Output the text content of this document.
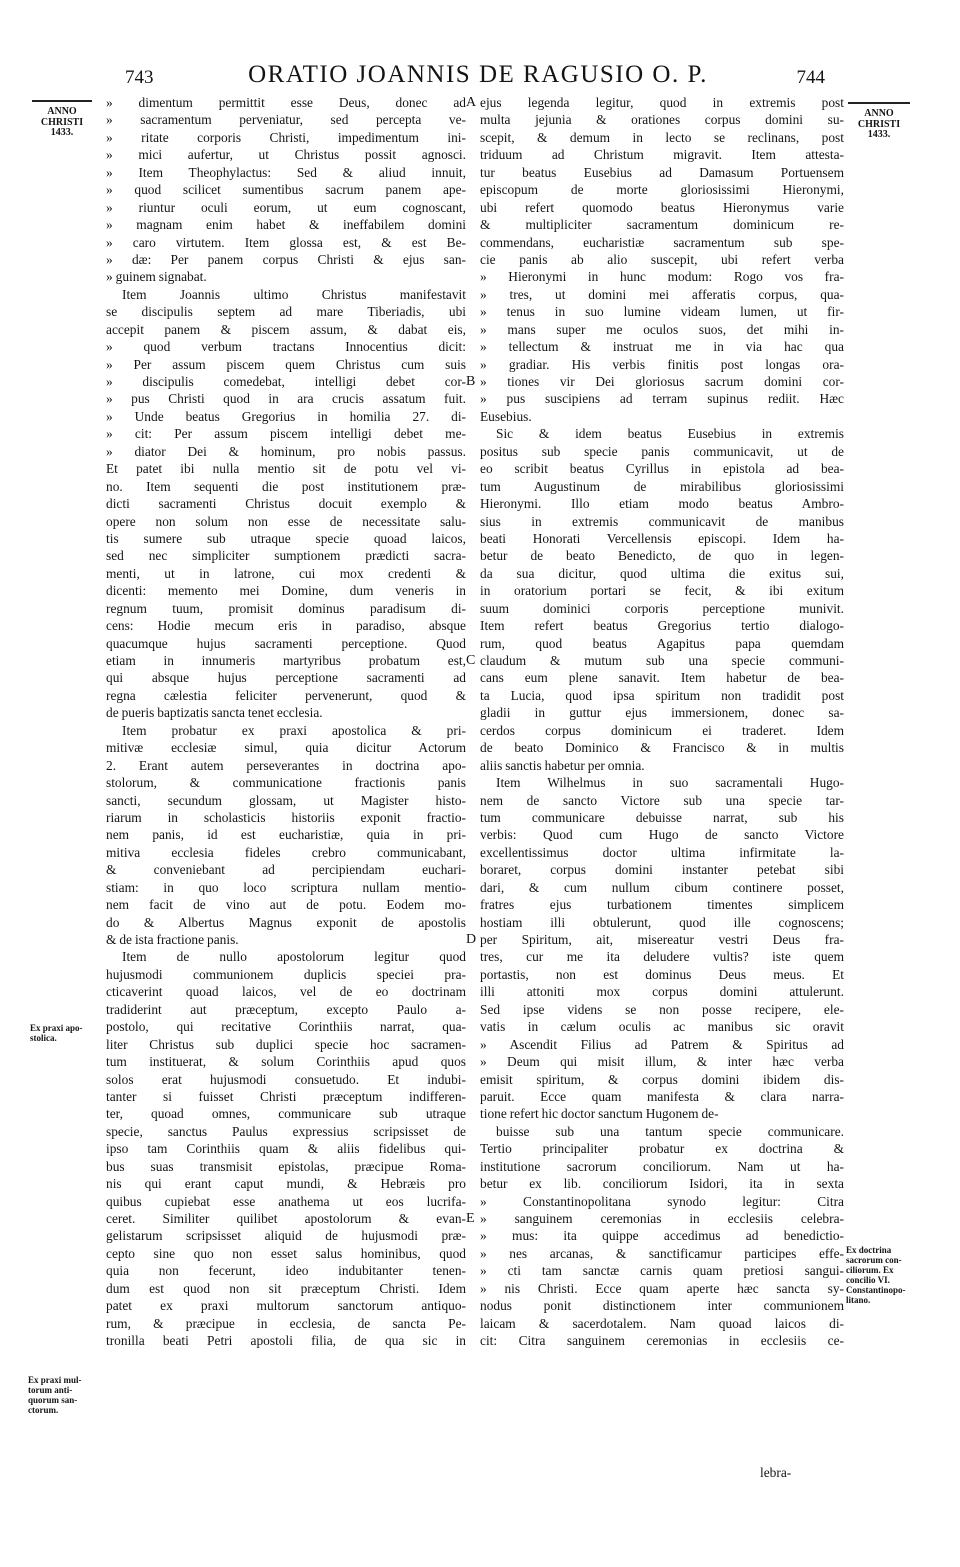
743	ORATIO JOANNIS DE RAGUSIO O. P.	744
ANNO
CHRISTI
1433.
ANNO
CHRISTI
1433.
Ex praxi apo-
stolica.
Ex praxi mul-
torum anti-
quorum san-
ctorum.
Ex doctrina
sacrorum con-
ciliorum. Ex
concilio VI.
Constantinopo-
litano.
A
B
C
D
E
» dimentum permittit esse Deus, donec ad
» sacramentum perveniatur, sed percepta ve-
» ritate corporis Christi, impedimentum ini-
» mici aufertur, ut Christus possit agnosci.
» Item Theophylactus: Sed & aliud innuit,
» quod scilicet sumentibus sacrum panem ape-
» riuntur oculi eorum, ut eum cognoscant,
» magnam enim habet & ineffabilem domini
» caro virtutem. Item glossa est, & est Be-
» dæ: Per panem corpus Christi & ejus san-
» guinem signabat.
Item Joannis ultimo Christus manifestavit
se discipulis septem ad mare Tiberiadis, ubi
accepit panem & piscem assum, & dabat eis,
» quod verbum tractans Innocentius dicit:
» Per assum piscem quem Christus cum suis
» discipulis comedebat, intelligi debet cor-
» pus Christi quod in ara crucis assatum fuit.
» Unde beatus Gregorius in homilia 27. di-
» cit: Per assum piscem intelligi debet me-
» diator Dei & hominum, pro nobis passus.
Et patet ibi nulla mentio sit de potu vel vi-
no. Item sequenti die post institutionem præ-
dicti sacramenti Christus docuit exemplo &
opere non solum non esse de necessitate salu-
tis sumere sub utraque specie quoad laicos,
sed nec simpliciter sumptionem prædicti sacra-
menti, ut in latrone, cui mox credenti &
dicenti: memento mei Domine, dum veneris in
regnum tuum, promisit dominus paradisum di-
cens: Hodie mecum eris in paradiso, absque
quacumque hujus sacramenti perceptione. Quod
etiam in innumeris martyribus probatum est,
qui absque hujus perceptione sacramenti ad
regna cælestia feliciter pervenerunt, quod &
de pueris baptizatis sancta tenet ecclesia.
Item probatur ex praxi apostolica & pri-
mitivæ ecclesiæ simul, quia dicitur Actorum
2. Erant autem perseverantes in doctrina apo-
stolorum, & communicatione fractionis panis
sancti, secundum glossam, ut Magister histo-
riarum in scholasticis historiis exponit fractio-
nem panis, id est eucharistiæ, quia in pri-
mitiva ecclesia fideles crebro communicabant,
& conveniebant ad percipiendam euchari-
stiam: in quo loco scriptura nullam mentio-
nem facit de vino aut de potu. Eodem mo-
do & Albertus Magnus exponit de apostolis
& de ista fractione panis.
Item de nullo apostolorum legitur quod
hujusmodi communionem duplicis speciei pra-
cticaverint quoad laicos, vel de eo doctrinam
tradiderint aut præceptum, excepto Paulo a-
postolo, qui recitative Corinthiis narrat, qua-
liter Christus sub duplici specie hoc sacramen-
tum instituerat, & solum Corinthiis apud quos
solos erat hujusmodi consuetudo. Et indubi-
tanter si fuisset Christi præceptum indifferen-
ter, quoad omnes, communicare sub utraque
specie, sanctus Paulus expressius scripsisset de
ipso tam Corinthiis quam & aliis fidelibus qui-
bus suas transmisit epistolas, præcipue Roma-
nis qui erant caput mundi, & Hebræis pro
quibus cupiebat esse anathema ut eos lucrifa-
ceret. Similiter quilibet apostolorum & evan-
gelistarum scripsisset aliquid de hujusmodi præ-
cepto sine quo non esset salus hominibus, quod
quia non fecerunt, ideo indubitanter tenen-
dum est quod non sit præceptum Christi. Idem
patet ex praxi multorum sanctorum antiquo-
rum, & præcipue in ecclesia, de sancta Pe-
tronilla beati Petri apostoli filia, de qua sic in
ejus legenda legitur, quod in extremis post
multa jejunia & orationes corpus domini su-
scepit, & demum in lecto se reclinans, post
triduum ad Christum migravit. Item attesta-
tur beatus Eusebius ad Damasum Portuensem
episcopum de morte gloriosissimi Hieronymi,
ubi refert quomodo beatus Hieronymus varie
& multipliciter sacramentum dominicum re-
commendans, eucharistiæ sacramentum sub spe-
cie panis ab alio suscepit, ubi refert verba
» Hieronymi in hunc modum: Rogo vos fra-
» tres, ut domini mei afferatis corpus, qua-
» tenus in suo lumine videam lumen, ut fir-
» mans super me oculos suos, det mihi in-
» tellectum & instruat me in via hac qua
» gradiar. His verbis finitis post longas ora-
» tiones vir Dei gloriosus sacrum domini cor-
» pus suscipiens ad terram supinus rediit. Hæc
Eusebius.
Sic & idem beatus Eusebius in extremis
positus sub specie panis communicavit, ut de
eo scribit beatus Cyrillus in epistola ad bea-
tum Augustinum de mirabilibus gloriosissimi
Hieronymi. Illo etiam modo beatus Ambro-
sius in extremis communicavit de manibus
beati Honorati Vercellensis episcopi. Idem ha-
betur de beato Benedicto, de quo in legen-
da sua dicitur, quod ultima die exitus sui,
in oratorium portari se fecit, & ibi exitum
suum dominici corporis perceptione munivit.
Item refert beatus Gregorius tertio dialogo-
rum, quod beatus Agapitus papa quemdam
claudum & mutum sub una specie communi-
cans eum plene sanavit. Item habetur de bea-
ta Lucia, quod ipsa spiritum non tradidit post
gladii in guttur ejus immersionem, donec sa-
cerdos corpus dominicum ei traderet. Idem
de beato Dominico & Francisco & in multis
aliis sanctis habetur per omnia.
Item Wilhelmus in suo sacramentali Hugo-
nem de sancto Victore sub una specie tar-
tum communicare debuisse narrat, sub his
verbis: Quod cum Hugo de sancto Victore
excellentissimus doctor ultima infirmitate la-
boraret, corpus domini instanter petebat sibi
dari, & cum nullum cibum continere posset,
fratres ejus turbationem timentes simplicem
hostiam illi obtulerunt, quod ille cognoscens;
per Spiritum, ait, misereatur vestri Deus fra-
tres, cur me ita deludere vultis? iste quem
portastis, non est dominus Deus meus. Et
illi attoniti mox corpus domini attulerunt.
Sed ipse videns se non posse recipere, ele-
vatis in cælum oculis ac manibus sic oravit
» Ascendit Filius ad Patrem & Spiritus ad
» Deum qui misit illum, & inter hæc verba
emisit spiritum, & corpus domini ibidem dis-
paruit. Ecce quam manifesta & clara narra-
tione refert hic doctor sanctum Hugonem de-
buisse sub una tantum specie communicare.
Tertio principaliter probatur ex doctrina &
institutione sacrorum conciliorum. Nam ut ha-
betur ex lib. conciliorum Isidori, ita in sexta
» Constantinopolitana synodo legitur: Citra
» sanguinem ceremonias in ecclesiis celebra-
» mus: ita quippe accedimus ad benedictio-
» nes arcanas, & sanctificamur participes effe-
» cti tam sanctæ carnis quam pretiosi sangui-
» nis Christi. Ecce quam aperte hæc sancta sy-
nodus ponit distinctionem inter communionem
laicam & sacerdotalem. Nam quoad laicos di-
cit: Citra sanguinem ceremonias in ecclesiis ce-
lebra-
